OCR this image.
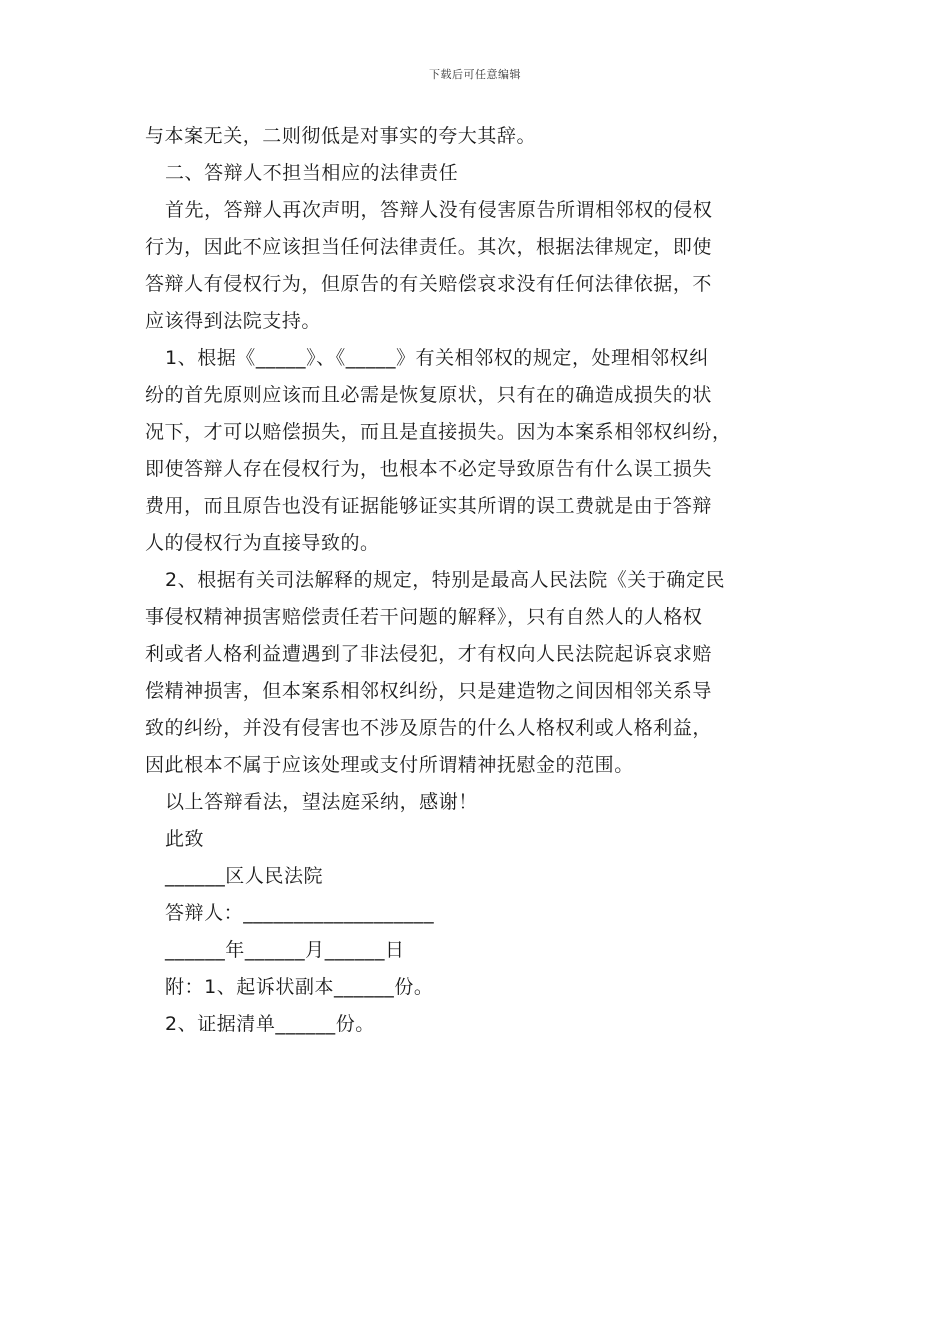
下载后可任意编辑
与本案无关，二则彻低是对事实的夸大其辞。
二、答辩人不担当相应的法律责任
首先，答辩人再次声明，答辩人没有侵害原告所谓相邻权的侵权
行为，因此不应该担当任何法律责任。其次，根据法律规定，即使
答辩人有侵权行为，但原告的有关赔偿哀求没有任何法律依据，不
应该得到法院支持。
1、根据《_____》、《_____》有关相邻权的规定，处理相邻权纠
纷的首先原则应该而且必需是恢复原状，只有在的确造成损失的状
况下，才可以赔偿损失，而且是直接损失。因为本案系相邻权纠纷，
即使答辩人存在侵权行为，也根本不必定导致原告有什么误工损失
费用，而且原告也没有证据能够证实其所谓的误工费就是由于答辩
人的侵权行为直接导致的。
2、根据有关司法解释的规定，特别是最高人民法院《关于确定民
事侵权精神损害赔偿责任若干问题的解释》，只有自然人的人格权
利或者人格利益遭遇到了非法侵犯，才有权向人民法院起诉哀求赔
偿精神损害，但本案系相邻权纠纷，只是建造物之间因相邻关系导
致的纠纷，并没有侵害也不涉及原告的什么人格权利或人格利益，
因此根本不属于应该处理或支付所谓精神抚慰金的范围。
以上答辩看法，望法庭采纳，感谢！
此致
______区人民法院
答辩人：___________________
______年______月______日
附：1、起诉状副本______份。
2、证据清单______份。
